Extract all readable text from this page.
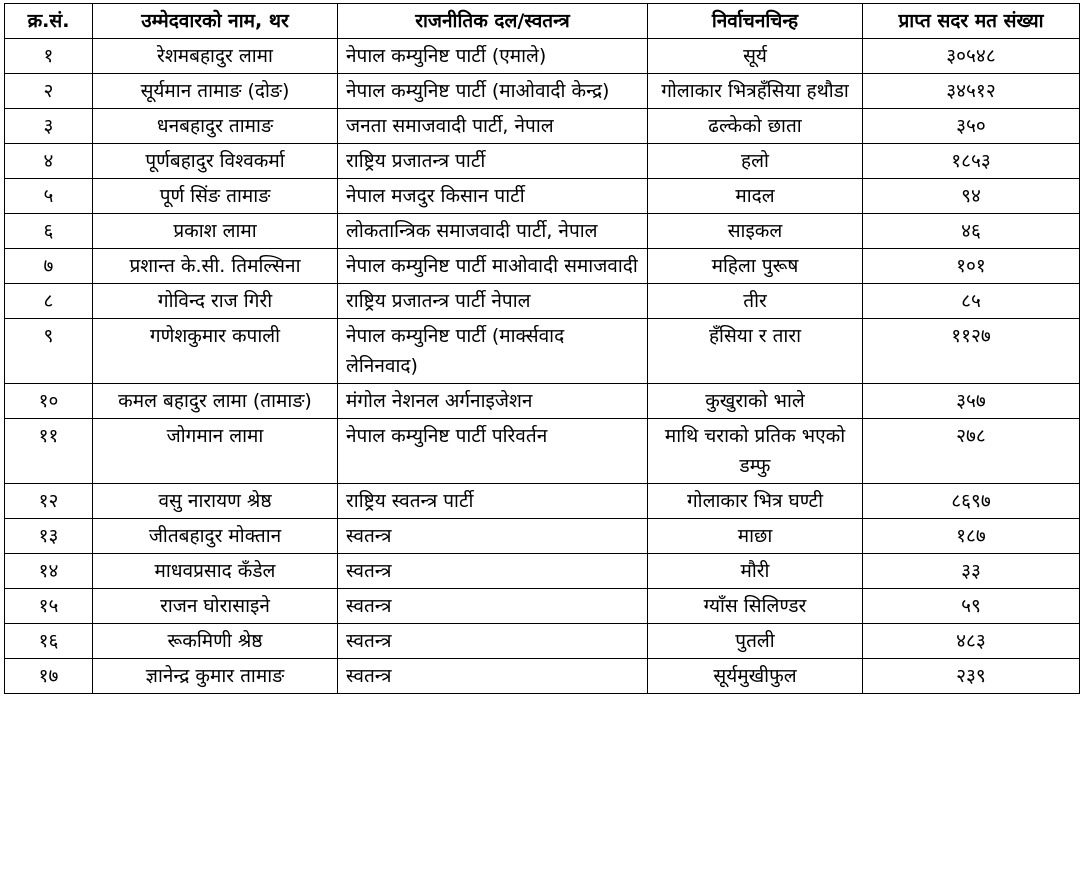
क्र.सं.	उम्मेदवारको नाम, थर	राजनीतिक दल/स्वतन्त्र	निर्वाचनचिन्ह	प्राप्त सदर मत संख्या
१	रेशमबहादुर लामा	नेपाल कम्युनिष्ट पार्टी (एमाले)	सूर्य	३०५४८
२	सूर्यमान तामाङ (दोङ)	नेपाल कम्युनिष्ट पार्टी (माओवादी केन्द्र)	गोलाकार भित्रहँसिया हथौडा	३४५१२
३	धनबहादुर तामाङ	जनता समाजवादी पार्टी, नेपाल	ढल्केको छाता	३५०
४	पूर्णबहादुर विश्वकर्मा	राष्ट्रिय प्रजातन्त्र पार्टी	हलो	१८५३
५	पूर्ण सिंङ तामाङ	नेपाल मजदुर किसान पार्टी	मादल	९४
६	प्रकाश लामा	लोकतान्त्रिक समाजवादी पार्टी, नेपाल	साइकल	४६
७	प्रशान्त के.सी. तिमल्सिना	नेपाल कम्युनिष्ट पार्टी माओवादी समाजवादी	महिला पुरूष	१०१
८	गोविन्द राज गिरी	राष्ट्रिय प्रजातन्त्र पार्टी नेपाल	तीर	८५
९	गणेशकुमार कपाली	नेपाल कम्युनिष्ट पार्टी (मार्क्सवाद लेनिनवाद)	हँसिया र तारा	११२७
१०	कमल बहादुर लामा (तामाङ)	मंगोल नेशनल अर्गनाइजेशन	कुखुराको भाले	३५७
११	जोगमान लामा	नेपाल कम्युनिष्ट पार्टी परिवर्तन	माथि चराको प्रतिक भएको डम्फु	२७८
१२	वसु नारायण श्रेष्ठ	राष्ट्रिय स्वतन्त्र पार्टी	गोलाकार भित्र घण्टी	८६९७
१३	जीतबहादुर मोक्तान	स्वतन्त्र	माछा	१८७
१४	माधवप्रसाद कँडेल	स्वतन्त्र	मौरी	३३
१५	राजन घोरासाइने	स्वतन्त्र	ग्याँस सिलिण्डर	५९
१६	रूकमिणी श्रेष्ठ	स्वतन्त्र	पुतली	४८३
१७	ज्ञानेन्द्र कुमार तामाङ	स्वतन्त्र	सूर्यमुखीफुल	२३९
